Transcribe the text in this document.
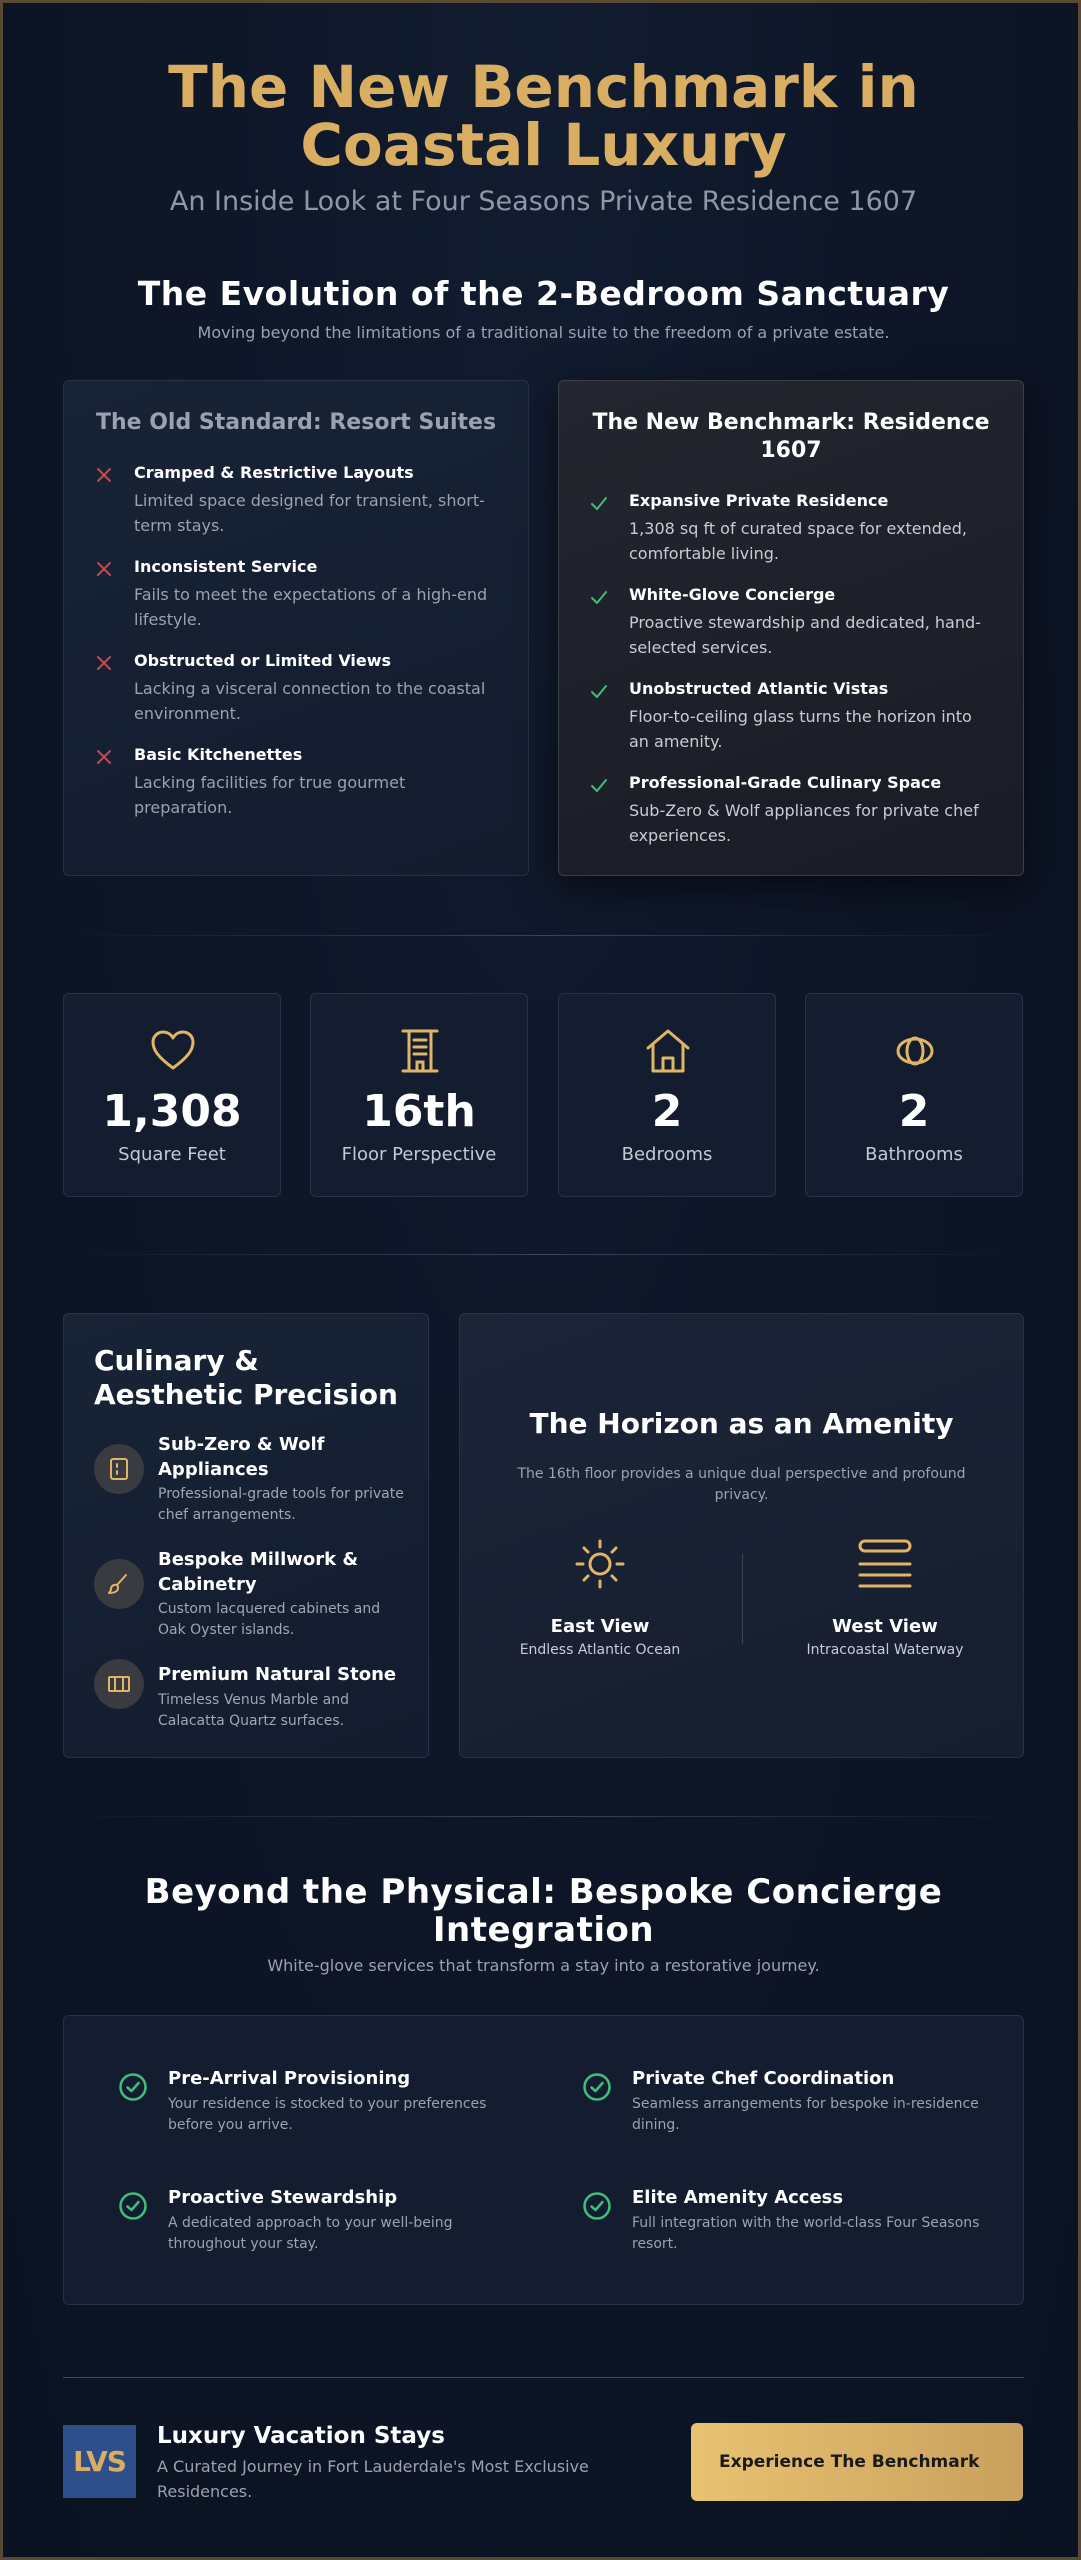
The New Benchmark in Coastal Luxury
An Inside Look at Four Seasons Private Residence 1607
The Evolution of the 2-Bedroom Sanctuary
Moving beyond the limitations of a traditional suite to the freedom of a private estate.
The Old Standard: Resort Suites
Cramped & Restrictive Layouts
Limited space designed for transient, short-term stays.
Inconsistent Service
Fails to meet the expectations of a high-end lifestyle.
Obstructed or Limited Views
Lacking a visceral connection to the coastal environment.
Basic Kitchenettes
Lacking facilities for true gourmet preparation.
The New Benchmark: Residence 1607
Expansive Private Residence
1,308 sq ft of curated space for extended, comfortable living.
White-Glove Concierge
Proactive stewardship and dedicated, hand-selected services.
Unobstructed Atlantic Vistas
Floor-to-ceiling glass turns the horizon into an amenity.
Professional-Grade Culinary Space
Sub-Zero & Wolf appliances for private chef experiences.
1,308
Square Feet
16th
Floor Perspective
2
Bedrooms
2
Bathrooms
Culinary & Aesthetic Precision
Sub-Zero & Wolf Appliances
Professional-grade tools for private chef arrangements.
Bespoke Millwork & Cabinetry
Custom lacquered cabinets and Oak Oyster islands.
Premium Natural Stone
Timeless Venus Marble and Calacatta Quartz surfaces.
The Horizon as an Amenity
The 16th floor provides a unique dual perspective and profound privacy.
East View
Endless Atlantic Ocean
West View
Intracoastal Waterway
Beyond the Physical: Bespoke Concierge Integration
White-glove services that transform a stay into a restorative journey.
Pre-Arrival Provisioning
Your residence is stocked to your preferences before you arrive.
Private Chef Coordination
Seamless arrangements for bespoke in-residence dining.
Proactive Stewardship
A dedicated approach to your well-being throughout your stay.
Elite Amenity Access
Full integration with the world-class Four Seasons resort.
LVS
Luxury Vacation Stays
A Curated Journey in Fort Lauderdale's Most Exclusive Residences.
Experience The Benchmark
